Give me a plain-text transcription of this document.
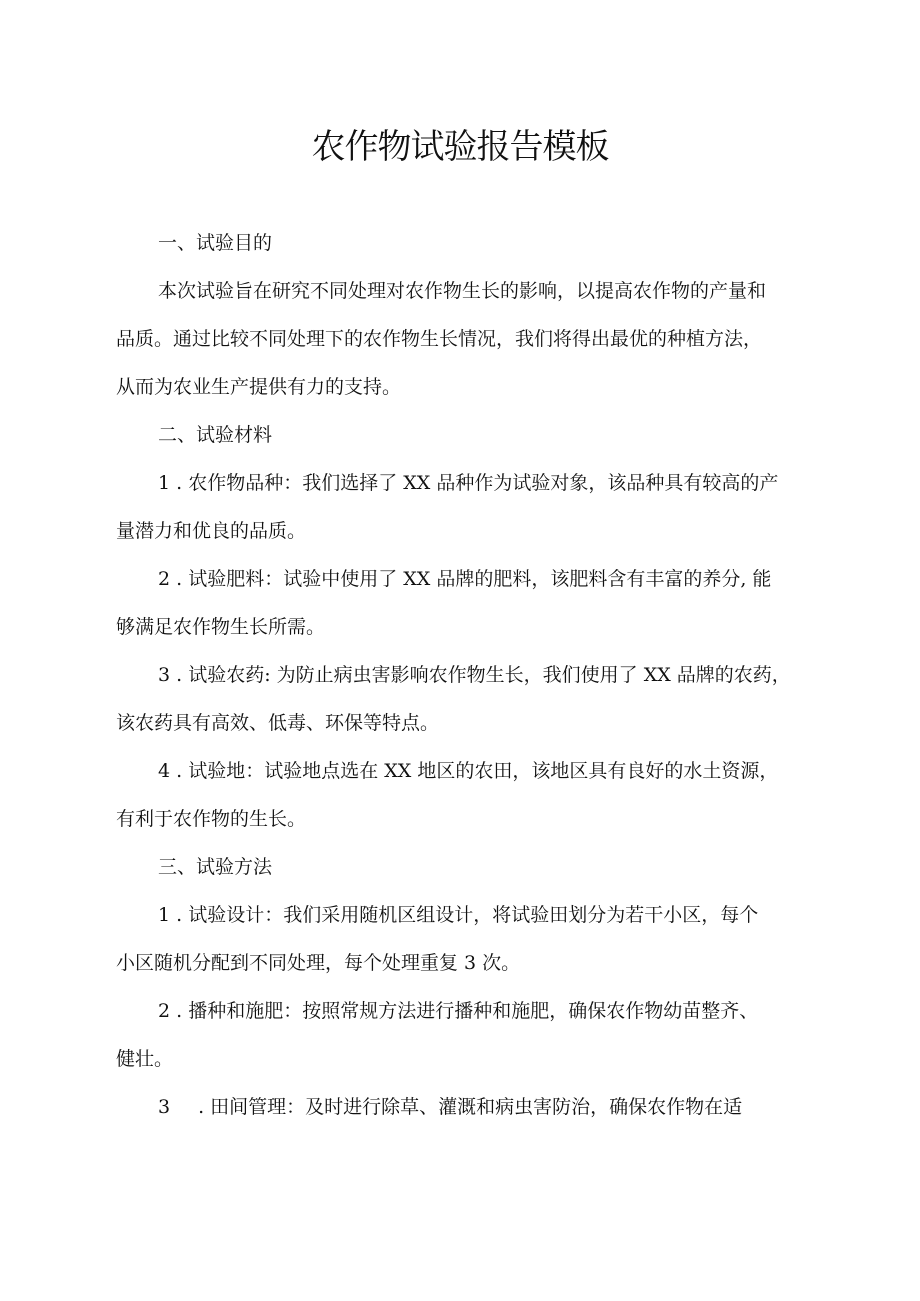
农作物试验报告模板

一、试验目的

本次试验旨在研究不同处理对农作物生长的影响，以提高农作物的产量和

品质。通过比较不同处理下的农作物生长情况，我们将得出最优的种植方法，

从而为农业生产提供有力的支持。

二、试验材料

1 . 农作物品种：我们选择了 XX 品种作为试验对象，该品种具有较高的产

量潜力和优良的品质。

2 . 试验肥料：试验中使用了 XX 品牌的肥料，该肥料含有丰富的养分, 能

够满足农作物生长所需。

3 . 试验农药: 为防止病虫害影响农作物生长，我们使用了 XX 品牌的农药，

该农药具有高效、低毒、环保等特点。

4 . 试验地：试验地点选在 XX 地区的农田，该地区具有良好的水土资源，

有利于农作物的生长。

三、试验方法

1 . 试验设计：我们采用随机区组设计，将试验田划分为若干小区，每个

小区随机分配到不同处理，每个处理重复 3 次。

2 . 播种和施肥：按照常规方法进行播种和施肥，确保农作物幼苗整齐、

健壮。

3 . 田间管理：及时进行除草、灌溉和病虫害防治，确保农作物在适
